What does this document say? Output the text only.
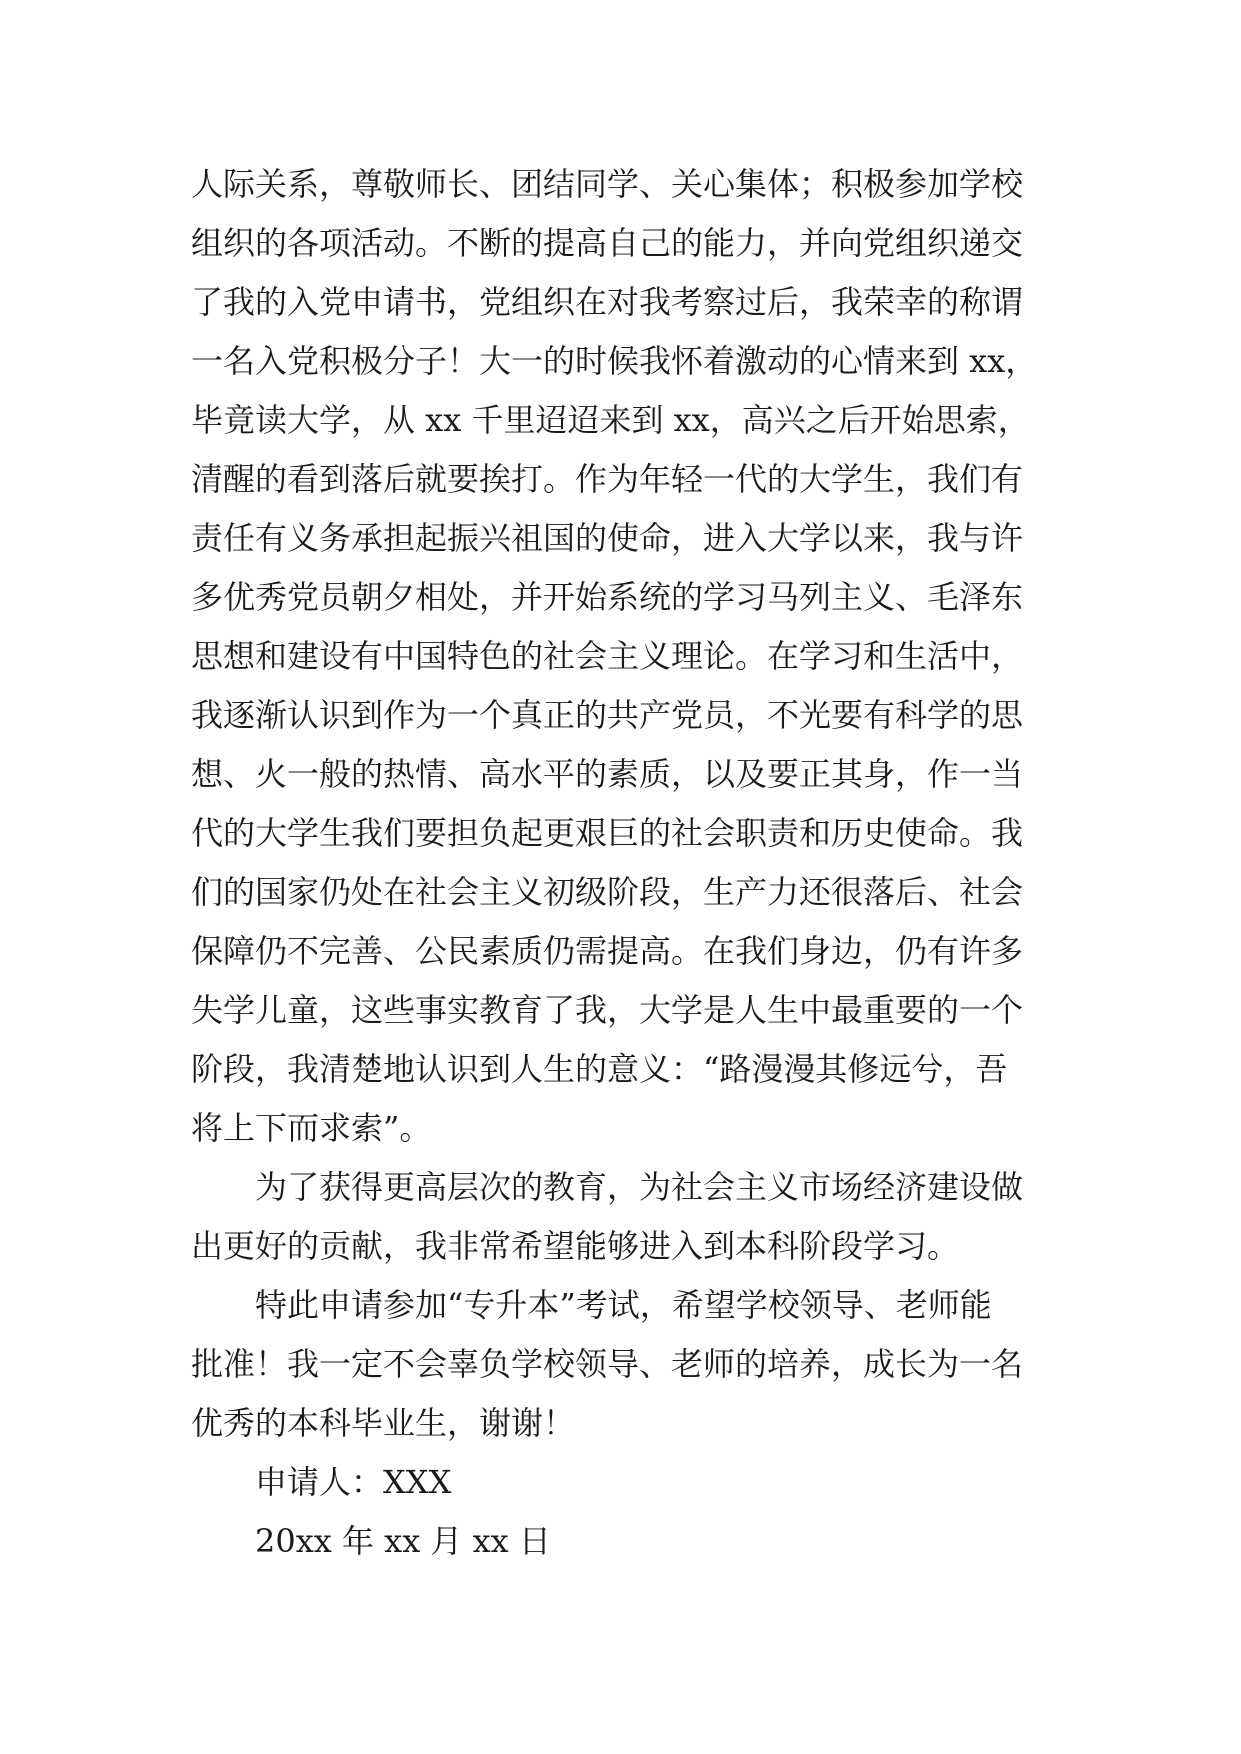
人际关系，尊敬师长、团结同学、关心集体；积极参加学校
组织的各项活动。不断的提高自己的能力，并向党组织递交
了我的入党申请书，党组织在对我考察过后，我荣幸的称谓
一名入党积极分子！大一的时候我怀着激动的心情来到 xx，
毕竟读大学，从 xx 千里迢迢来到 xx，高兴之后开始思索，
清醒的看到落后就要挨打。作为年轻一代的大学生，我们有
责任有义务承担起振兴祖国的使命，进入大学以来，我与许
多优秀党员朝夕相处，并开始系统的学习马列主义、毛泽东
思想和建设有中国特色的社会主义理论。在学习和生活中，
我逐渐认识到作为一个真正的共产党员，不光要有科学的思
想、火一般的热情、高水平的素质，以及要正其身，作一当
代的大学生我们要担负起更艰巨的社会职责和历史使命。我
们的国家仍处在社会主义初级阶段，生产力还很落后、社会
保障仍不完善、公民素质仍需提高。在我们身边，仍有许多
失学儿童，这些事实教育了我，大学是人生中最重要的一个
阶段，我清楚地认识到人生的意义：“路漫漫其修远兮，吾
将上下而求索”。
为了获得更高层次的教育，为社会主义市场经济建设做
出更好的贡献，我非常希望能够进入到本科阶段学习。
特此申请参加“专升本”考试，希望学校领导、老师能
批准！我一定不会辜负学校领导、老师的培养，成长为一名
优秀的本科毕业生，谢谢！
申请人：XXX
20xx 年 xx 月 xx 日
